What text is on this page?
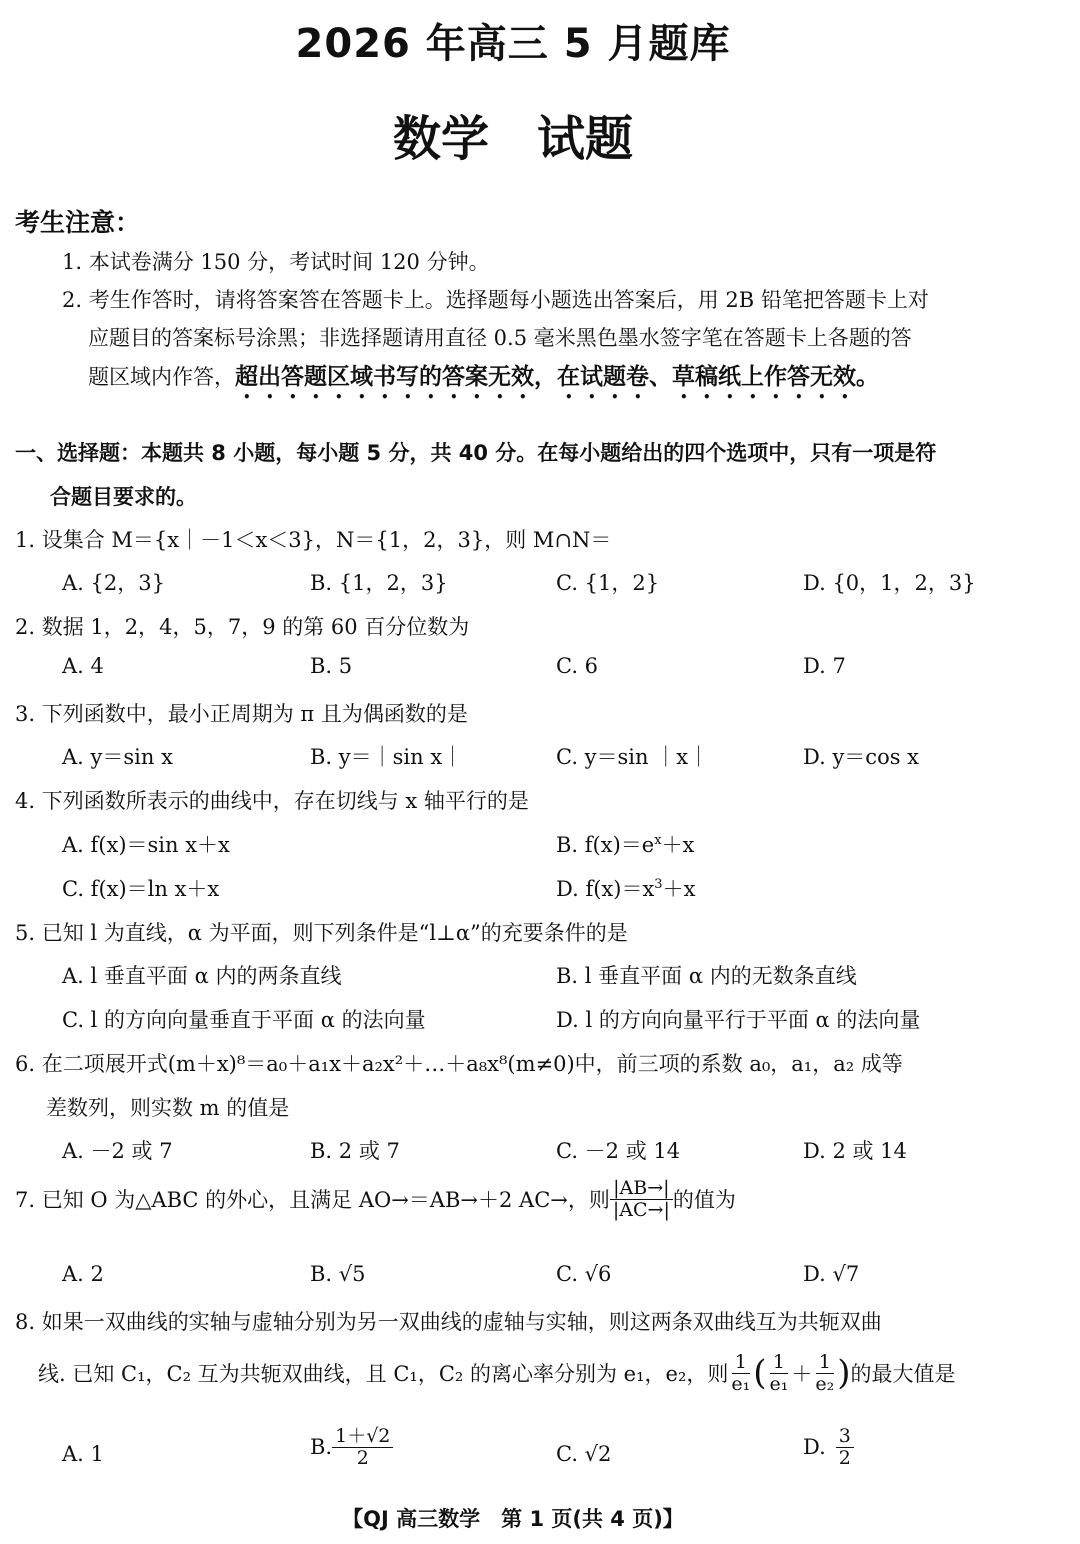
2026 年高三 5 月题库
数学　试题
考生注意：
1. 本试卷满分 150 分，考试时间 120 分钟。
2. 考生作答时，请将答案答在答题卡上。选择题每小题选出答案后，用 2B 铅笔把答题卡上对
应题目的答案标号涂黑；非选择题请用直径 0.5 毫米黑色墨水签字笔在答题卡上各题的答
题区域内作答，超出答题区域书写的答案无效，在试题卷、草稿纸上作答无效。
一、选择题：本题共 8 小题，每小题 5 分，共 40 分。在每小题给出的四个选项中，只有一项是符
合题目要求的。
1. 设集合 M＝{x｜－1＜x＜3}，N＝{1，2，3}，则 M∩N＝
A. {2，3}	B. {1，2，3}	C. {1，2}	D. {0，1，2，3}
2. 数据 1，2，4，5，7，9 的第 60 百分位数为
A. 4	B. 5	C. 6	D. 7
3. 下列函数中，最小正周期为 π 且为偶函数的是
A. y＝sin x	B. y＝｜sin x｜	C. y＝sin ｜x｜	D. y＝cos x
4. 下列函数所表示的曲线中，存在切线与 x 轴平行的是
A. f(x)＝sin x＋x	B. $f(x)=e^x+x$
C. f(x)＝ln x＋x	D. $f(x)=x^3+x$
5. 已知 l 为直线，α 为平面，则下列条件是“l⊥α”的充要条件的是
A. l 垂直平面 α 内的两条直线	B. l 垂直平面 α 内的无数条直线
C. l 的方向向量垂直于平面 α 的法向量	D. l 的方向向量平行于平面 α 的法向量
6. 在二项展开式(m＋x)⁸＝a₀＋a₁x＋a₂x²＋…＋a₈x⁸(m≠0)中，前三项的系数 a₀，a₁，a₂ 成等
差数列，则实数 m 的值是
A. －2 或 7	B. 2 或 7	C. －2 或 14	D. 2 或 14
7. 已知 O 为△ABC 的外心，且满足 AO→＝AB→＋2 AC→，则 $\frac{|AB\to|}{|AC\to|}$ 的值为
A. 2	B. √5	C. √6	D. √7
8. 如果一双曲线的实轴与虚轴分别为另一双曲线的虚轴与实轴，则这两条双曲线互为共轭双曲
线. 已知 C₁，C₂ 互为共轭双曲线，且 C₁，C₂ 的离心率分别为 e₁，e₂，则 $\frac{1}{\text{e₁}}$ ( $\frac{1}{\text{e₁}} + \frac{1}{\text{e₂}}$ ) 的最大值是
A. 1	B. $\frac{1+√2}{2}$	C. √2	D. $\frac{3}{2}$
【QJ 高三数学　第 1 页(共 4 页)】
